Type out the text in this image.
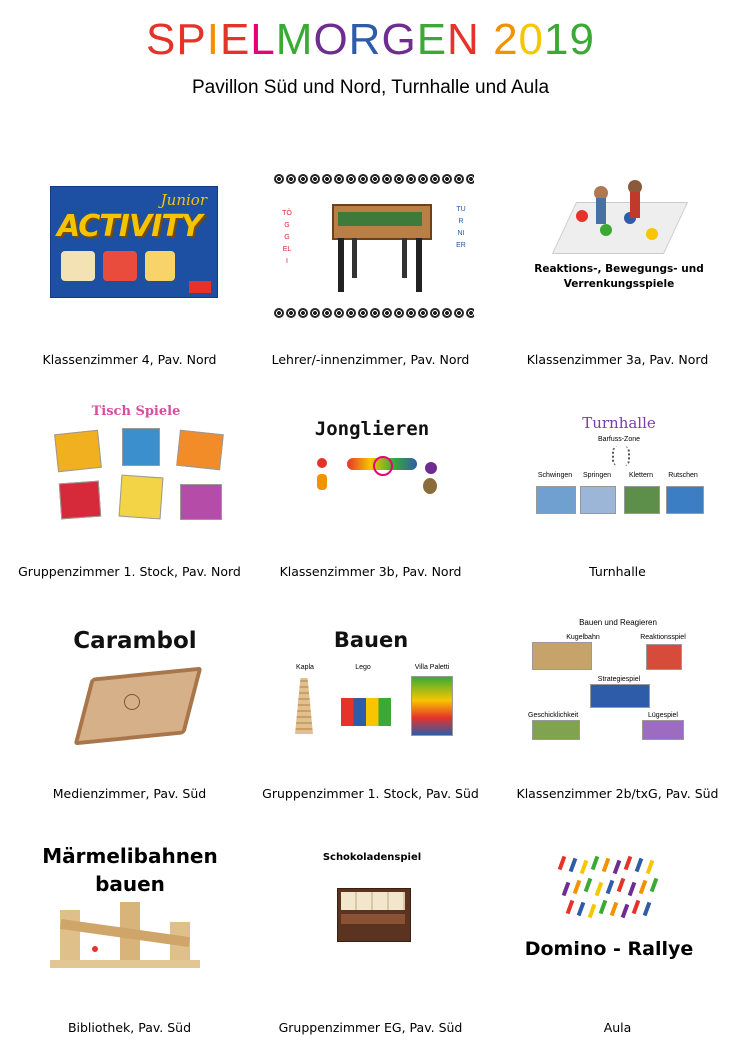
SPIELMORGEN 2019
Pavillon Süd und Nord, Turnhalle und Aula
ACTIVITY
Junior
Klassenzimmer 4, Pav. Nord
TÖGGELI
TURNIER
Lehrer/-innenzimmer, Pav. Nord
Reaktions-, Bewegungs- und Verrenkungsspiele
Klassenzimmer 3a, Pav. Nord
Tisch Spiele
Gruppenzimmer 1. Stock, Pav. Nord
Jonglieren
Klassenzimmer 3b, Pav. Nord
Turnhalle
Barfuss-Zone
Schwingen	Springen	Klettern	Rutschen
Turnhalle
Carambol
Medienzimmer, Pav. Süd
Bauen
Kapla	Lego	Villa Paletti
Gruppenzimmer 1. Stock, Pav. Süd
Bauen und Reagieren
Kugelbahn	Reaktionsspiel
Strategiespiel
Geschicklichkeit	Lügespiel
Klassenzimmer 2b/txG, Pav. Süd
Märmelibahnen
bauen
Bibliothek, Pav. Süd
Schokoladenspiel
Gruppenzimmer EG, Pav. Süd
Domino - Rallye
Aula
